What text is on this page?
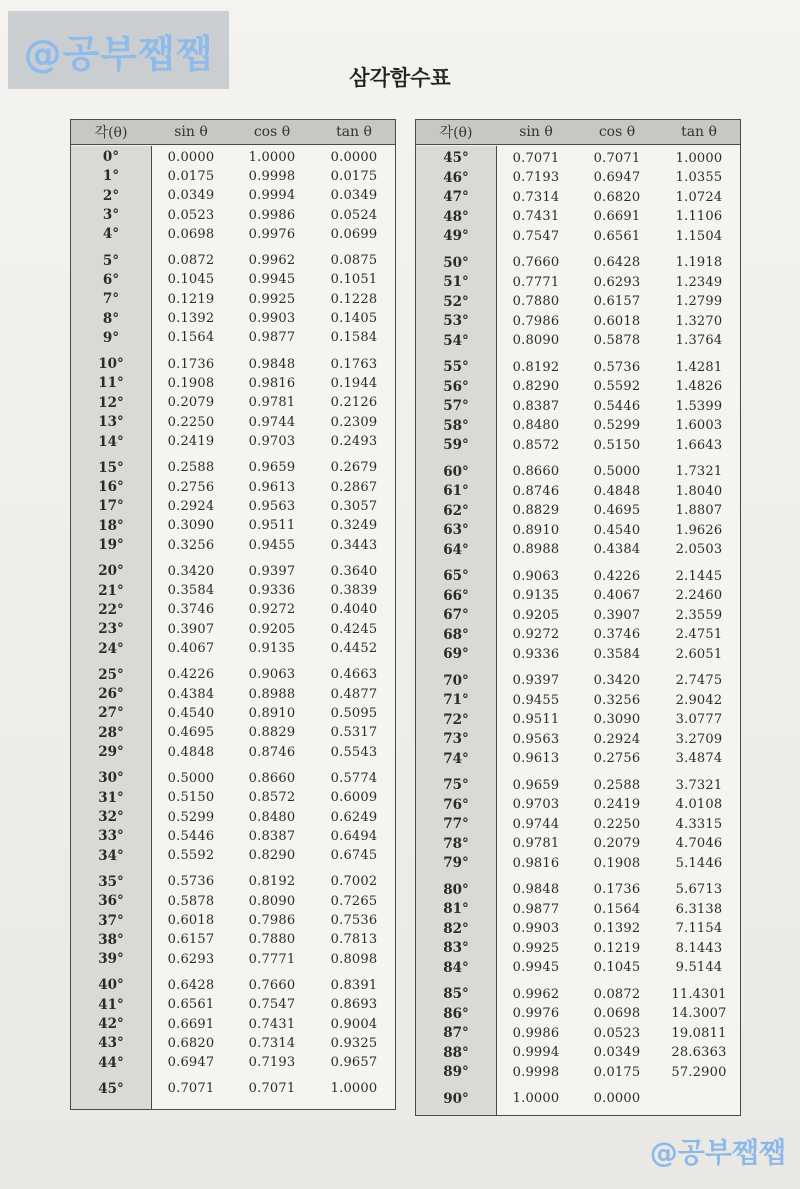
@공부쨉쨉
삼각함수표
각(θ)	sin θ	cos θ	tan θ
0°	0.0000	1.0000	0.0000
1°	0.0175	0.9998	0.0175
2°	0.0349	0.9994	0.0349
3°	0.0523	0.9986	0.0524
4°	0.0698	0.9976	0.0699
5°	0.0872	0.9962	0.0875
6°	0.1045	0.9945	0.1051
7°	0.1219	0.9925	0.1228
8°	0.1392	0.9903	0.1405
9°	0.1564	0.9877	0.1584
10°	0.1736	0.9848	0.1763
11°	0.1908	0.9816	0.1944
12°	0.2079	0.9781	0.2126
13°	0.2250	0.9744	0.2309
14°	0.2419	0.9703	0.2493
15°	0.2588	0.9659	0.2679
16°	0.2756	0.9613	0.2867
17°	0.2924	0.9563	0.3057
18°	0.3090	0.9511	0.3249
19°	0.3256	0.9455	0.3443
20°	0.3420	0.9397	0.3640
21°	0.3584	0.9336	0.3839
22°	0.3746	0.9272	0.4040
23°	0.3907	0.9205	0.4245
24°	0.4067	0.9135	0.4452
25°	0.4226	0.9063	0.4663
26°	0.4384	0.8988	0.4877
27°	0.4540	0.8910	0.5095
28°	0.4695	0.8829	0.5317
29°	0.4848	0.8746	0.5543
30°	0.5000	0.8660	0.5774
31°	0.5150	0.8572	0.6009
32°	0.5299	0.8480	0.6249
33°	0.5446	0.8387	0.6494
34°	0.5592	0.8290	0.6745
35°	0.5736	0.8192	0.7002
36°	0.5878	0.8090	0.7265
37°	0.6018	0.7986	0.7536
38°	0.6157	0.7880	0.7813
39°	0.6293	0.7771	0.8098
40°	0.6428	0.7660	0.8391
41°	0.6561	0.7547	0.8693
42°	0.6691	0.7431	0.9004
43°	0.6820	0.7314	0.9325
44°	0.6947	0.7193	0.9657
45°	0.7071	0.7071	1.0000
각(θ)	sin θ	cos θ	tan θ
45°	0.7071	0.7071	1.0000
46°	0.7193	0.6947	1.0355
47°	0.7314	0.6820	1.0724
48°	0.7431	0.6691	1.1106
49°	0.7547	0.6561	1.1504
50°	0.7660	0.6428	1.1918
51°	0.7771	0.6293	1.2349
52°	0.7880	0.6157	1.2799
53°	0.7986	0.6018	1.3270
54°	0.8090	0.5878	1.3764
55°	0.8192	0.5736	1.4281
56°	0.8290	0.5592	1.4826
57°	0.8387	0.5446	1.5399
58°	0.8480	0.5299	1.6003
59°	0.8572	0.5150	1.6643
60°	0.8660	0.5000	1.7321
61°	0.8746	0.4848	1.8040
62°	0.8829	0.4695	1.8807
63°	0.8910	0.4540	1.9626
64°	0.8988	0.4384	2.0503
65°	0.9063	0.4226	2.1445
66°	0.9135	0.4067	2.2460
67°	0.9205	0.3907	2.3559
68°	0.9272	0.3746	2.4751
69°	0.9336	0.3584	2.6051
70°	0.9397	0.3420	2.7475
71°	0.9455	0.3256	2.9042
72°	0.9511	0.3090	3.0777
73°	0.9563	0.2924	3.2709
74°	0.9613	0.2756	3.4874
75°	0.9659	0.2588	3.7321
76°	0.9703	0.2419	4.0108
77°	0.9744	0.2250	4.3315
78°	0.9781	0.2079	4.7046
79°	0.9816	0.1908	5.1446
80°	0.9848	0.1736	5.6713
81°	0.9877	0.1564	6.3138
82°	0.9903	0.1392	7.1154
83°	0.9925	0.1219	8.1443
84°	0.9945	0.1045	9.5144
85°	0.9962	0.0872	11.4301
86°	0.9976	0.0698	14.3007
87°	0.9986	0.0523	19.0811
88°	0.9994	0.0349	28.6363
89°	0.9998	0.0175	57.2900
90°	1.0000	0.0000
@공부쨉쨉
